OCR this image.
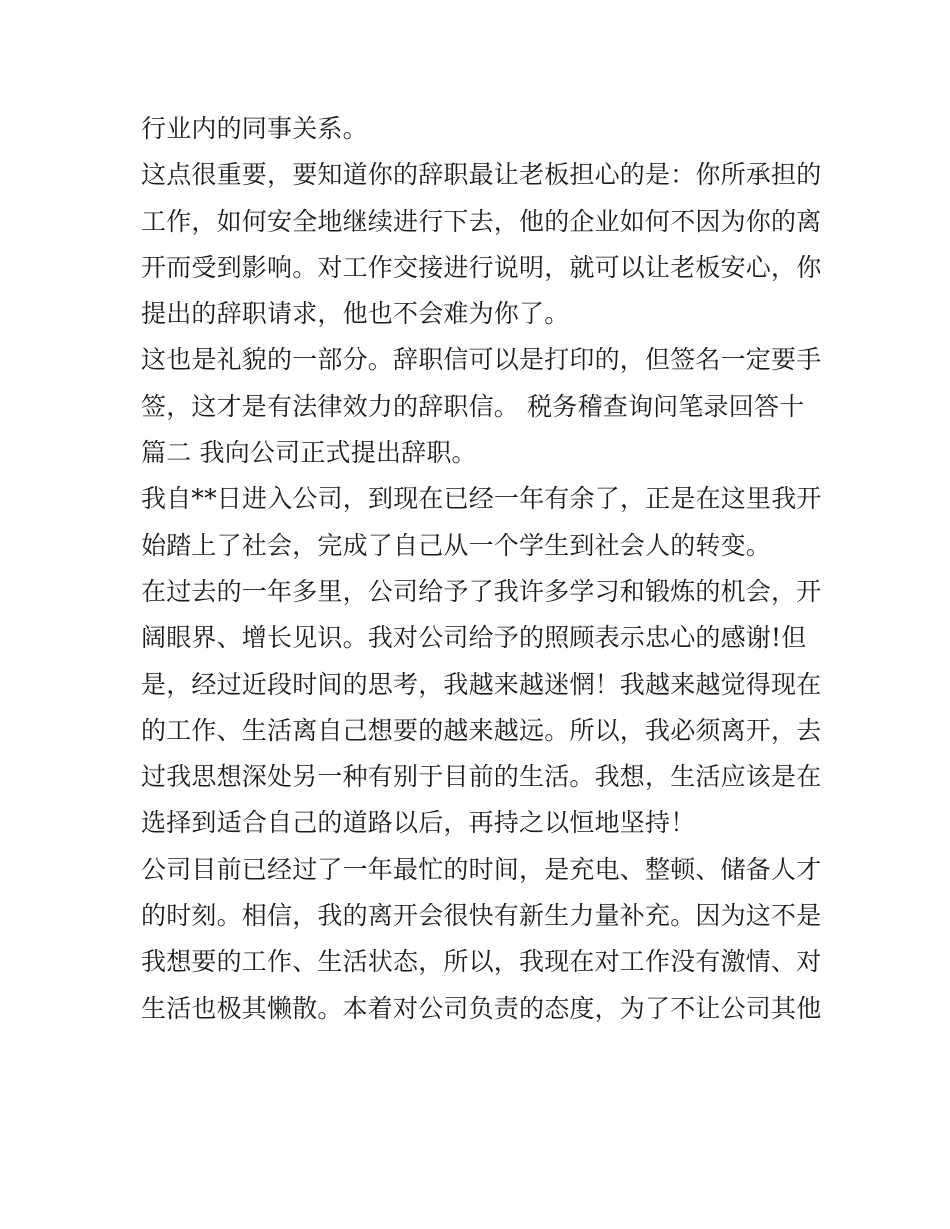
行业内的同事关系。
这点很重要，要知道你的辞职最让老板担心的是：你所承担的
工作，如何安全地继续进行下去，他的企业如何不因为你的离
开而受到影响。对工作交接进行说明，就可以让老板安心，你
提出的辞职请求，他也不会难为你了。
这也是礼貌的一部分。辞职信可以是打印的，但签名一定要手
签，这才是有法律效力的辞职信。 税务稽查询问笔录回答十
篇二 我向公司正式提出辞职。
我自**日进入公司，到现在已经一年有余了，正是在这里我开
始踏上了社会，完成了自己从一个学生到社会人的转变。
在过去的一年多里，公司给予了我许多学习和锻炼的机会，开
阔眼界、增长见识。我对公司给予的照顾表示忠心的感谢!但
是，经过近段时间的思考，我越来越迷惘！我越来越觉得现在
的工作、生活离自己想要的越来越远。所以，我必须离开，去
过我思想深处另一种有别于目前的生活。我想，生活应该是在
选择到适合自己的道路以后，再持之以恒地坚持！
公司目前已经过了一年最忙的时间，是充电、整顿、储备人才
的时刻。相信，我的离开会很快有新生力量补充。因为这不是
我想要的工作、生活状态，所以，我现在对工作没有激情、对
生活也极其懒散。本着对公司负责的态度，为了不让公司其他
